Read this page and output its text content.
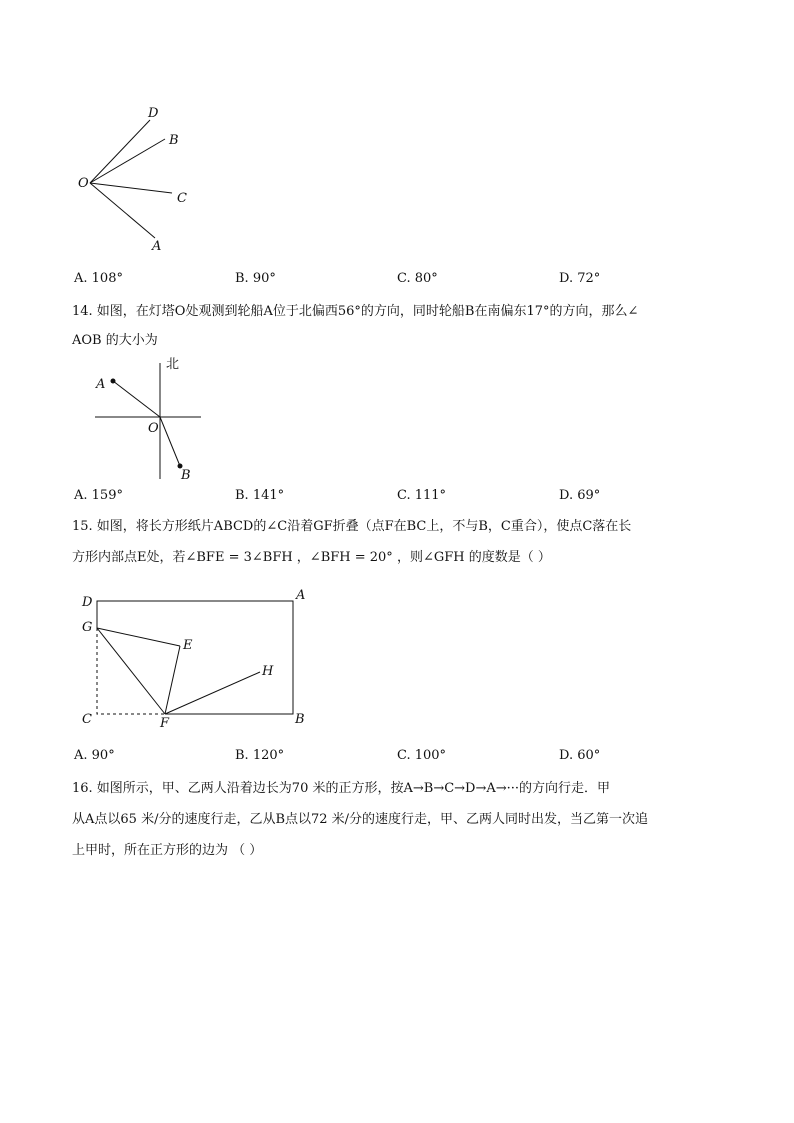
D
B
O
C
A
A. 108°	B. 90°	C. 80°	D. 72°
14. 如图，在灯塔O处观测到轮船A位于北偏西56°的方向，同时轮船B在南偏东17°的方向，那么∠
AOB 的大小为
北
A
O
B
A. 159°	B. 141°	C. 111°	D. 69°
15. 如图，将长方形纸片ABCD的∠C沿着GF折叠（点F在BC上，不与B，C重合），使点C落在长
方形内部点E处，若∠BFE = 3∠BFH ，∠BFH = 20° ，则∠GFH 的度数是（ ）
D	A
G
E
H
C	F	B
A. 90°	B. 120°	C. 100°	D. 60°
16. 如图所示，甲、乙两人沿着边长为70 米的正方形，按A→B→C→D→A→···的方向行走．甲
从A点以65 米/分的速度行走，乙从B点以72 米/分的速度行走，甲、乙两人同时出发，当乙第一次追
上甲时，所在正方形的边为 （ ）
